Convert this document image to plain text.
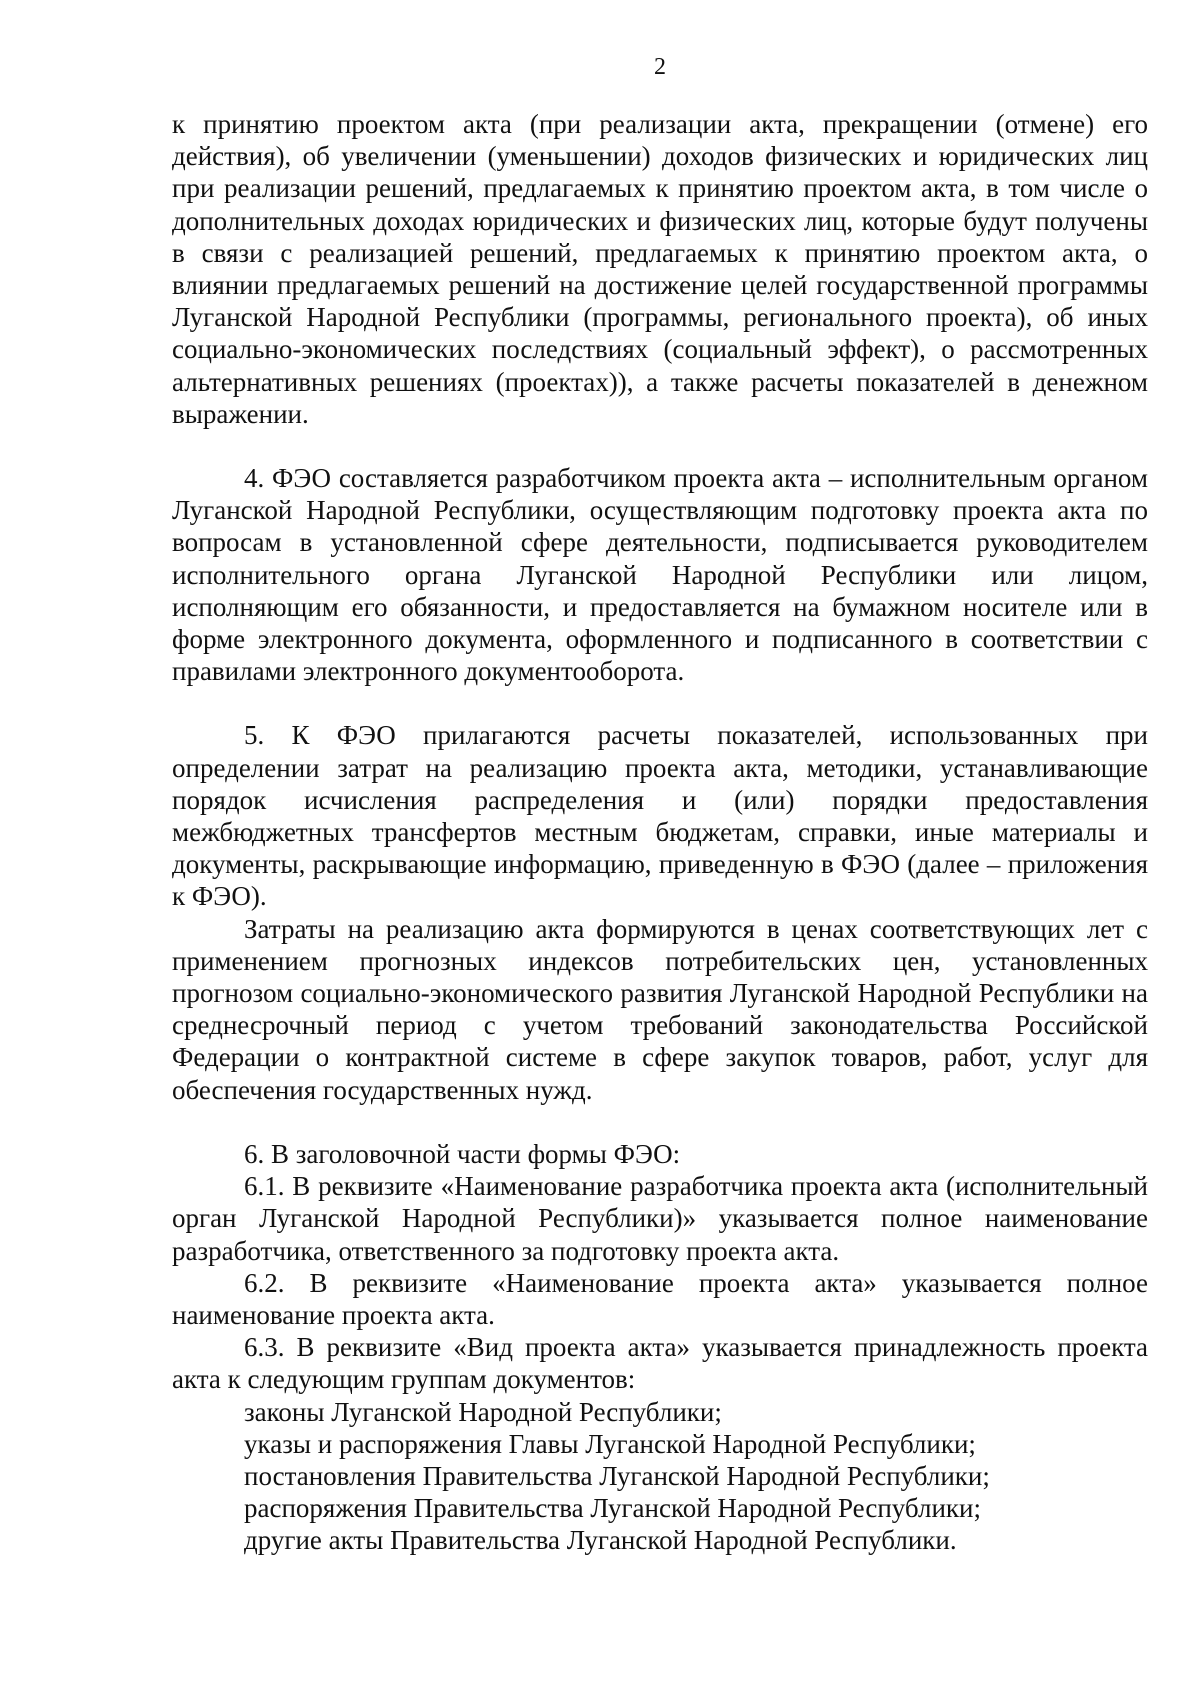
2

к принятию проектом акта (при реализации акта, прекращении (отмене) его действия), об увеличении (уменьшении) доходов физических и юридических лиц при реализации решений, предлагаемых к принятию проектом акта, в том числе о дополнительных доходах юридических и физических лиц, которые будут получены в связи с реализацией решений, предлагаемых к принятию проектом акта, о влиянии предлагаемых решений на достижение целей государственной программы Луганской Народной Республики (программы, регионального проекта), об иных социально-экономических последствиях (социальный эффект), о рассмотренных альтернативных решениях (проектах)), а также расчеты показателей в денежном выражении.

4. ФЭО составляется разработчиком проекта акта – исполнительным органом Луганской Народной Республики, осуществляющим подготовку проекта акта по вопросам в установленной сфере деятельности, подписывается руководителем исполнительного органа Луганской Народной Республики или лицом, исполняющим его обязанности, и предоставляется на бумажном носителе или в форме электронного документа, оформленного и подписанного в соответствии с правилами электронного документооборота.

5. К ФЭО прилагаются расчеты показателей, использованных при определении затрат на реализацию проекта акта, методики, устанавливающие порядок исчисления распределения и (или) порядки предоставления межбюджетных трансфертов местным бюджетам, справки, иные материалы и документы, раскрывающие информацию, приведенную в ФЭО (далее – приложения к ФЭО).

Затраты на реализацию акта формируются в ценах соответствующих лет с применением прогнозных индексов потребительских цен, установленных прогнозом социально-экономического развития Луганской Народной Республики на среднесрочный период с учетом требований законодательства Российской Федерации о контрактной системе в сфере закупок товаров, работ, услуг для обеспечения государственных нужд.

6. В заголовочной части формы ФЭО:

6.1. В реквизите «Наименование разработчика проекта акта (исполнительный орган Луганской Народной Республики)» указывается полное наименование разработчика, ответственного за подготовку проекта акта.

6.2. В реквизите «Наименование проекта акта» указывается полное наименование проекта акта.

6.3. В реквизите «Вид проекта акта» указывается принадлежность проекта акта к следующим группам документов:

законы Луганской Народной Республики;

указы и распоряжения Главы Луганской Народной Республики;

постановления Правительства Луганской Народной Республики;

распоряжения Правительства Луганской Народной Республики;

другие акты Правительства Луганской Народной Республики.
